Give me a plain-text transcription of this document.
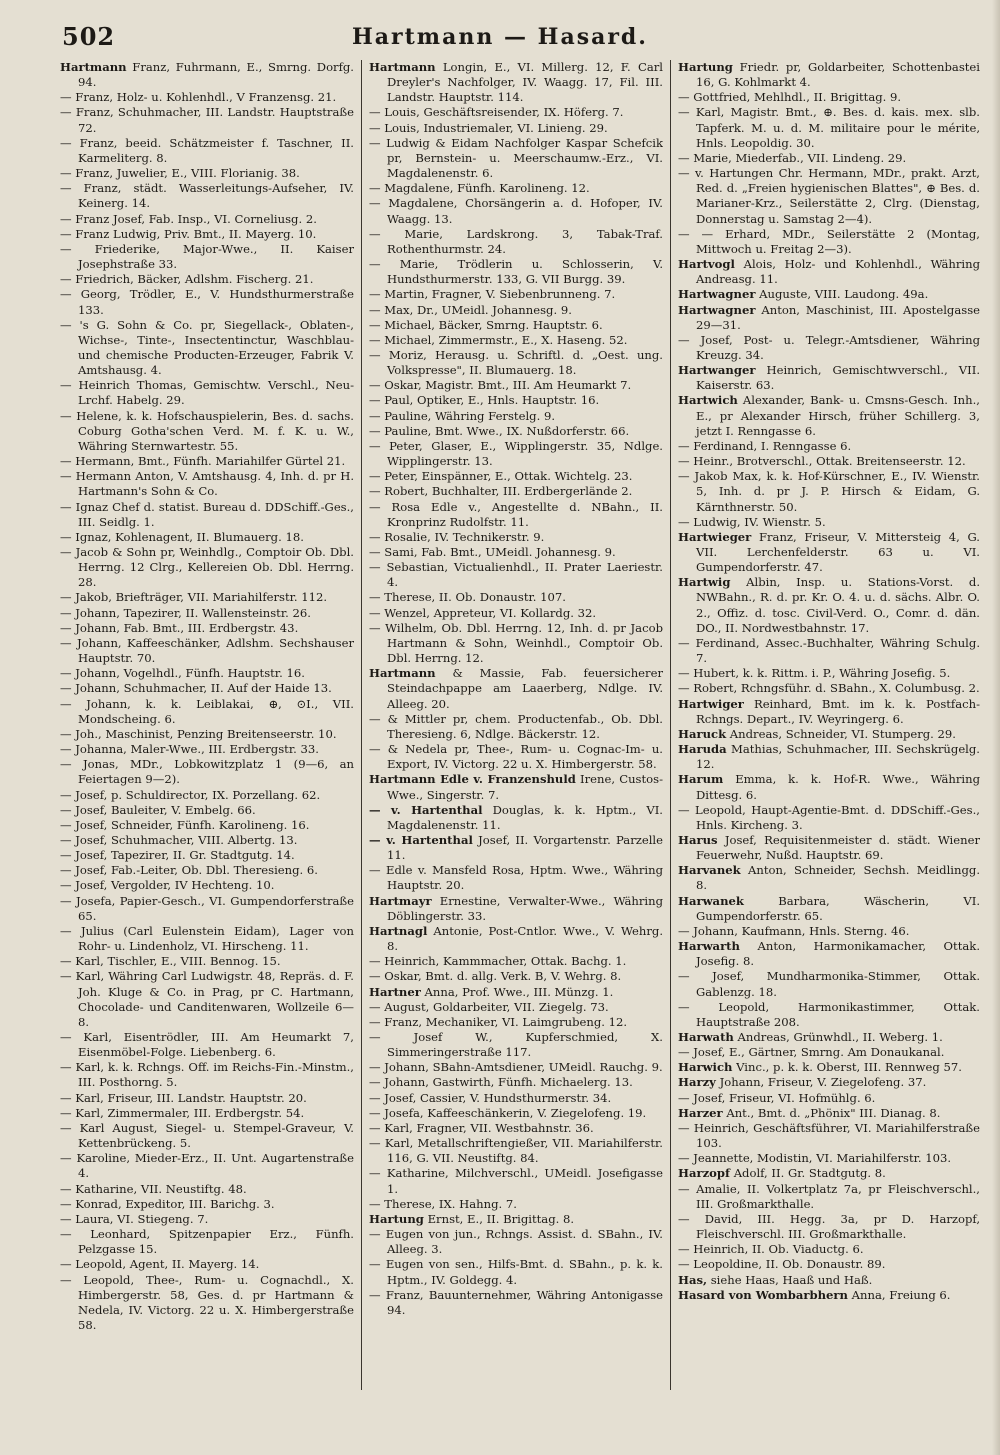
502	Hartmann — Hasard.

Hartmann Franz, Fuhrmann, E., Smrng. Dorfg. 94.

— Franz, Holz- u. Kohlenhdl., V Franzensg. 21.

— Franz, Schuhmacher, III. Landstr. Hauptstraße 72.

— Franz, beeid. Schätzmeister f. Taschner, II. Karmeliterg. 8.

— Franz, Juwelier, E., VIII. Florianig. 38.

— Franz, städt. Wasserleitungs-Aufseher, IV. Keinerg. 14.

— Franz Josef, Fab. Insp., VI. Corneliusg. 2.

— Franz Ludwig, Priv. Bmt., II. Mayerg. 10.

— Friederike, Major-Wwe., II. Kaiser Josephstraße 33.

— Friedrich, Bäcker, Adlshm. Fischerg. 21.

— Georg, Trödler, E., V. Hundsthurmerstraße 133.

— 's G. Sohn & Co. pr, Siegellack-, Oblaten-, Wichse-, Tinte-, Insectentinctur, Waschblau- und chemische Producten-Erzeuger, Fabrik V. Amtshausg. 4.

— Heinrich Thomas, Gemischtw. Verschl., Neu-Lrchf. Habelg. 29.

— Helene, k. k. Hofschauspielerin, Bes. d. sachs. Coburg Gotha'schen Verd. M. f. K. u. W., Währing Sternwartestr. 55.

— Hermann, Bmt., Fünfh. Mariahilfer Gürtel 21.

— Hermann Anton, V. Amtshausg. 4, Inh. d. pr H. Hartmann's Sohn & Co.

— Ignaz Chef d. statist. Bureau d. DDSchiff.-Ges., III. Seidlg. 1.

— Ignaz, Kohlenagent, II. Blumauerg. 18.

— Jacob & Sohn pr, Weinhdlg., Comptoir Ob. Dbl. Herrng. 12 Clrg., Kellereien Ob. Dbl. Herrng. 28.

— Jakob, Briefträger, VII. Mariahilferstr. 112.

— Johann, Tapezirer, II. Wallensteinstr. 26.

— Johann, Fab. Bmt., III. Erdbergstr. 43.

— Johann, Kaffeeschänker, Adlshm. Sechshauser Hauptstr. 70.

— Johann, Vogelhdl., Fünfh. Hauptstr. 16.

— Johann, Schuhmacher, II. Auf der Haide 13.

— Johann, k. k. Leiblakai, ⊕, ⊙I., VII. Mondscheing. 6.

— Joh., Maschinist, Penzing Breitenseerstr. 10.

— Johanna, Maler-Wwe., III. Erdbergstr. 33.

— Jonas, MDr., Lobkowitzplatz 1 (9—6, an Feiertagen 9—2).

— Josef, p. Schuldirector, IX. Porzellang. 62.

— Josef, Bauleiter, V. Embelg. 66.

— Josef, Schneider, Fünfh. Karolineng. 16.

— Josef, Schuhmacher, VIII. Albertg. 13.

— Josef, Tapezirer, II. Gr. Stadtgutg. 14.

— Josef, Fab.-Leiter, Ob. Dbl. Theresieng. 6.

— Josef, Vergolder, IV Hechteng. 10.

— Josefa, Papier-Gesch., VI. Gumpendorferstraße 65.

— Julius (Carl Eulenstein Eidam), Lager von Rohr- u. Lindenholz, VI. Hirscheng. 11.

— Karl, Tischler, E., VIII. Bennog. 15.

— Karl, Währing Carl Ludwigstr. 48, Repräs. d. F. Joh. Kluge & Co. in Prag, pr C. Hartmann, Chocolade- und Canditenwaren, Wollzeile 6—8.

— Karl, Eisentrödler, III. Am Heumarkt 7, Eisenmöbel-Folge. Liebenberg. 6.

— Karl, k. k. Rchngs. Off. im Reichs-Fin.-Minstm., III. Posthorng. 5.

— Karl, Friseur, III. Landstr. Hauptstr. 20.

— Karl, Zimmermaler, III. Erdbergstr. 54.

— Karl August, Siegel- u. Stempel-Graveur, V. Kettenbrückeng. 5.

— Karoline, Mieder-Erz., II. Unt. Augartenstraße 4.

— Katharine, VII. Neustiftg. 48.

— Konrad, Expeditor, III. Barichg. 3.

— Laura, VI. Stiegeng. 7.

— Leonhard, Spitzenpapier Erz., Fünfh. Pelzgasse 15.

— Leopold, Agent, II. Mayerg. 14.

— Leopold, Thee-, Rum- u. Cognachdl., X. Himbergerstr. 58, Ges. d. pr Hartmann & Nedela, IV. Victorg. 22 u. X. Himbergerstraße 58.

Hartmann Longin, E., VI. Millerg. 12, F. Carl Dreyler's Nachfolger, IV. Waagg. 17, Fil. III. Landstr. Hauptstr. 114.

— Louis, Geschäftsreisender, IX. Höferg. 7.

— Louis, Industriemaler, VI. Linieng. 29.

— Ludwig & Eidam Nachfolger Kaspar Schefcik pr, Bernstein- u. Meerschaumw.-Erz., VI. Magdalenenstr. 6.

— Magdalene, Fünfh. Karolineng. 12.

— Magdalene, Chorsängerin a. d. Hofoper, IV. Waagg. 13.

— Marie, Lardskrong. 3, Tabak-Traf. Rothenthurmstr. 24.

— Marie, Trödlerin u. Schlosserin, V. Hundsthurmerstr. 133, G. VII Burgg. 39.

— Martin, Fragner, V. Siebenbrunneng. 7.

— Max, Dr., UMeidl. Johannesg. 9.

— Michael, Bäcker, Smrng. Hauptstr. 6.

— Michael, Zimmermstr., E., X. Haseng. 52.

— Moriz, Herausg. u. Schriftl. d. „Oest. ung. Volkspresse", II. Blumauerg. 18.

— Oskar, Magistr. Bmt., III. Am Heumarkt 7.

— Paul, Optiker, E., Hnls. Hauptstr. 16.

— Pauline, Währing Ferstelg. 9.

— Pauline, Bmt. Wwe., IX. Nußdorferstr. 66.

— Peter, Glaser, E., Wipplingerstr. 35, Ndlge. Wipplingerstr. 13.

— Peter, Einspänner, E., Ottak. Wichtelg. 23.

— Robert, Buchhalter, III. Erdbergerlände 2.

— Rosa Edle v., Angestellte d. NBahn., II. Kronprinz Rudolfstr. 11.

— Rosalie, IV. Technikerstr. 9.

— Sami, Fab. Bmt., UMeidl. Johannesg. 9.

— Sebastian, Victualienhdl., II. Prater Laeriestr. 4.

— Therese, II. Ob. Donaustr. 107.

— Wenzel, Appreteur, VI. Kollardg. 32.

— Wilhelm, Ob. Dbl. Herrng. 12, Inh. d. pr Jacob Hartmann & Sohn, Weinhdl., Comptoir Ob. Dbl. Herrng. 12.

Hartmann & Massie, Fab. feuersicherer Steindachpappe am Laaerberg, Ndlge. IV. Alleeg. 20.

— & Mittler pr, chem. Productenfab., Ob. Dbl. Theresieng. 6, Ndlge. Bäckerstr. 12.

— & Nedela pr, Thee-, Rum- u. Cognac-Im- u. Export, IV. Victorg. 22 u. X. Himbergerstr. 58.

Hartmann Edle v. Franzenshuld Irene, Custos-Wwe., Singerstr. 7.

— v. Hartenthal Douglas, k. k. Hptm., VI. Magdalenenstr. 11.

— v. Hartenthal Josef, II. Vorgartenstr. Parzelle 11.

— Edle v. Mansfeld Rosa, Hptm. Wwe., Währing Hauptstr. 20.

Hartmayr Ernestine, Verwalter-Wwe., Währing Döblingerstr. 33.

Hartnagl Antonie, Post-Cntlor. Wwe., V. Wehrg. 8.

— Heinrich, Kammmacher, Ottak. Bachg. 1.

— Oskar, Bmt. d. allg. Verk. B, V. Wehrg. 8.

Hartner Anna, Prof. Wwe., III. Münzg. 1.

— August, Goldarbeiter, VII. Ziegelg. 73.

— Franz, Mechaniker, VI. Laimgrubeng. 12.

— Josef W., Kupferschmied, X. Simmeringerstraße 117.

— Johann, SBahn-Amtsdiener, UMeidl. Rauchg. 9.

— Johann, Gastwirth, Fünfh. Michaelerg. 13.

— Josef, Cassier, V. Hundsthurmerstr. 34.

— Josefa, Kaffeeschänkerin, V. Ziegelofeng. 19.

— Karl, Fragner, VII. Westbahnstr. 36.

— Karl, Metallschriftengießer, VII. Mariahilferstr. 116, G. VII. Neustiftg. 84.

— Katharine, Milchverschl., UMeidl. Josefigasse 1.

— Therese, IX. Hahng. 7.

Hartung Ernst, E., II. Brigittag. 8.

— Eugen von jun., Rchngs. Assist. d. SBahn., IV. Alleeg. 3.

— Eugen von sen., Hilfs-Bmt. d. SBahn., p. k. k. Hptm., IV. Goldegg. 4.

— Franz, Bauunternehmer, Währing Antonigasse 94.

Hartung Friedr. pr, Goldarbeiter, Schottenbastei 16, G. Kohlmarkt 4.

— Gottfried, Mehlhdl., II. Brigittag. 9.

— Karl, Magistr. Bmt., ⊕. Bes. d. kais. mex. slb. Tapferk. M. u. d. M. militaire pour le mérite, Hnls. Leopoldig. 30.

— Marie, Miederfab., VII. Lindeng. 29.

— v. Hartungen Chr. Hermann, MDr., prakt. Arzt, Red. d. „Freien hygienischen Blattes", ⊕ Bes. d. Marianer-Krz., Seilerstätte 2, Clrg. (Dienstag, Donnerstag u. Samstag 2—4).

— — Erhard, MDr., Seilerstätte 2 (Montag, Mittwoch u. Freitag 2—3).

Hartvogl Alois, Holz- und Kohlenhdl., Währing Andreasg. 11.

Hartwagner Auguste, VIII. Laudong. 49a.

Hartwagner Anton, Maschinist, III. Apostelgasse 29—31.

— Josef, Post- u. Telegr.-Amtsdiener, Währing Kreuzg. 34.

Hartwanger Heinrich, Gemischtwverschl., VII. Kaiserstr. 63.

Hartwich Alexander, Bank- u. Cmsns-Gesch. Inh., E., pr Alexander Hirsch, früher Schillerg. 3, jetzt I. Renngasse 6.

— Ferdinand, I. Renngasse 6.

— Heinr., Brotverschl., Ottak. Breitenseerstr. 12.

— Jakob Max, k. k. Hof-Kürschner, E., IV. Wienstr. 5, Inh. d. pr J. P. Hirsch & Eidam, G. Kärnthnerstr. 50.

— Ludwig, IV. Wienstr. 5.

Hartwieger Franz, Friseur, V. Mittersteig 4, G. VII. Lerchenfelderstr. 63 u. VI. Gumpendorferstr. 47.

Hartwig Albin, Insp. u. Stations-Vorst. d. NWBahn., R. d. pr. Kr. O. 4. u. d. sächs. Albr. O. 2., Offiz. d. tosc. Civil-Verd. O., Comr. d. dän. DO., II. Nordwestbahnstr. 17.

— Ferdinand, Assec.-Buchhalter, Währing Schulg. 7.

— Hubert, k. k. Rittm. i. P., Währing Josefig. 5.

— Robert, Rchngsführ. d. SBahn., X. Columbusg. 2.

Hartwiger Reinhard, Bmt. im k. k. Postfach-Rchngs. Depart., IV. Weyringerg. 6.

Haruck Andreas, Schneider, VI. Stumperg. 29.

Haruda Mathias, Schuhmacher, III. Sechskrügelg. 12.

Harum Emma, k. k. Hof-R. Wwe., Währing Dittesg. 6.

— Leopold, Haupt-Agentie-Bmt. d. DDSchiff.-Ges., Hnls. Kircheng. 3.

Harus Josef, Requisitenmeister d. städt. Wiener Feuerwehr, Nußd. Hauptstr. 69.

Harvanek Anton, Schneider, Sechsh. Meidlingg. 8.

Harwanek	Barbara, Wäscherin, VI. Gumpendorferstr. 65.

— Johann, Kaufmann, Hnls. Sterng. 46.

Harwarth Anton, Harmonikamacher, Ottak. Josefig. 8.

— Josef, Mundharmonika-Stimmer, Ottak. Gablenzg. 18.

— Leopold, Harmonikastimmer, Ottak. Hauptstraße 208.

Harwath Andreas, Grünwhdl., II. Weberg. 1.

— Josef, E., Gärtner, Smrng. Am Donaukanal.

Harwich Vinc., p. k. k. Oberst, III. Rennweg 57.

Harzy Johann, Friseur, V. Ziegelofeng. 37.

— Josef, Friseur, VI. Hofmühlg. 6.

Harzer Ant., Bmt. d. „Phönix" III. Dianag. 8.

— Heinrich, Geschäftsführer, VI. Mariahilferstraße 103.

— Jeannette, Modistin, VI. Mariahilferstr. 103.

Harzopf Adolf, II. Gr. Stadtgutg. 8.

— Amalie, II. Volkertplatz 7a, pr Fleischverschl., III. Großmarkthalle.

— David, III. Hegg. 3a, pr D. Harzopf, Fleischverschl. III. Großmarkthalle.

— Heinrich, II. Ob. Viaductg. 6.

— Leopoldine, II. Ob. Donaustr. 89.

Has, siehe Haas, Haaß und Haß.

Hasard von Wombarbhern Anna, Freiung 6.
